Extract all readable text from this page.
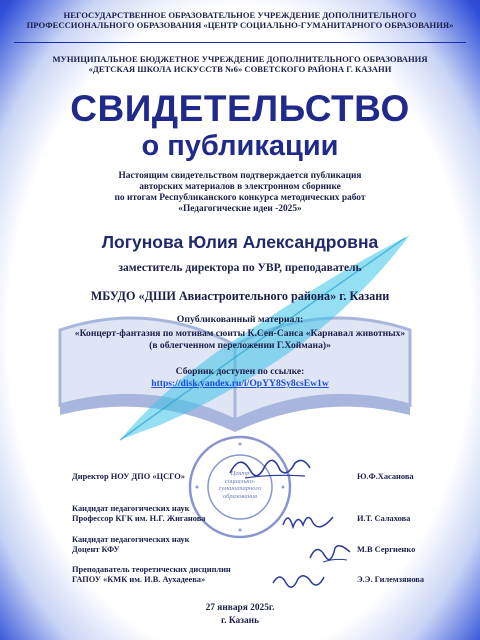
НЕГОСУДАРСТВЕННОЕ ОБРАЗОВАТЕЛЬНОЕ УЧРЕЖДЕНИЕ ДОПОЛНИТЕЛЬНОГО
ПРОФЕССИОНАЛЬНОГО ОБРАЗОВАНИЯ «ЦЕНТР СОЦИАЛЬНО-ГУМАНИТАРНОГО ОБРАЗОВАНИЯ»
МУНИЦИПАЛЬНОЕ БЮДЖЕТНОЕ УЧРЕЖДЕНИЕ ДОПОЛНИТЕЛЬНОГО ОБРАЗОВАНИЯ
«ДЕТСКАЯ ШКОЛА ИСКУССТВ №6» СОВЕТСКОГО РАЙОНА Г. КАЗАНИ
СВИДЕТЕЛЬСТВО
о публикации
Настоящим свидетельством подтверждается публикация
авторских материалов в электронном сборнике
по итогам Республиканского конкурса методических работ
«Педагогические идеи -2025»
Логунова Юлия Александровна
заместитель директора по УВР, преподаватель
МБУДО «ДШИ Авиастроительного района» г. Казани
Опубликованный материал:
«Концерт-фантазия по мотивам сюиты К.Сен-Санса «Карнавал животных»
(в облегченном переложении Г.Хоймана)»
Сборник доступен по ссылке:
https://disk.yandex.ru/i/OpYY8Sy8csEw1w
Центр социально-гуманитарного образования
Директор НОУ ДПО «ЦСГО»	Ю.Ф.Хасанова
Кандидат педагогических наук
Профессор КГК им. Н.Г. Жиганова	И.Т. Салахова
Кандидат педагогических наук
Доцент КФУ	М.В Сергиенко
Преподаватель теоретических дисциплин
ГАПОУ «КМК им. И.В. Аухадеева»	Э.Э. Гилемзянова
27 января 2025г.
г. Казань
